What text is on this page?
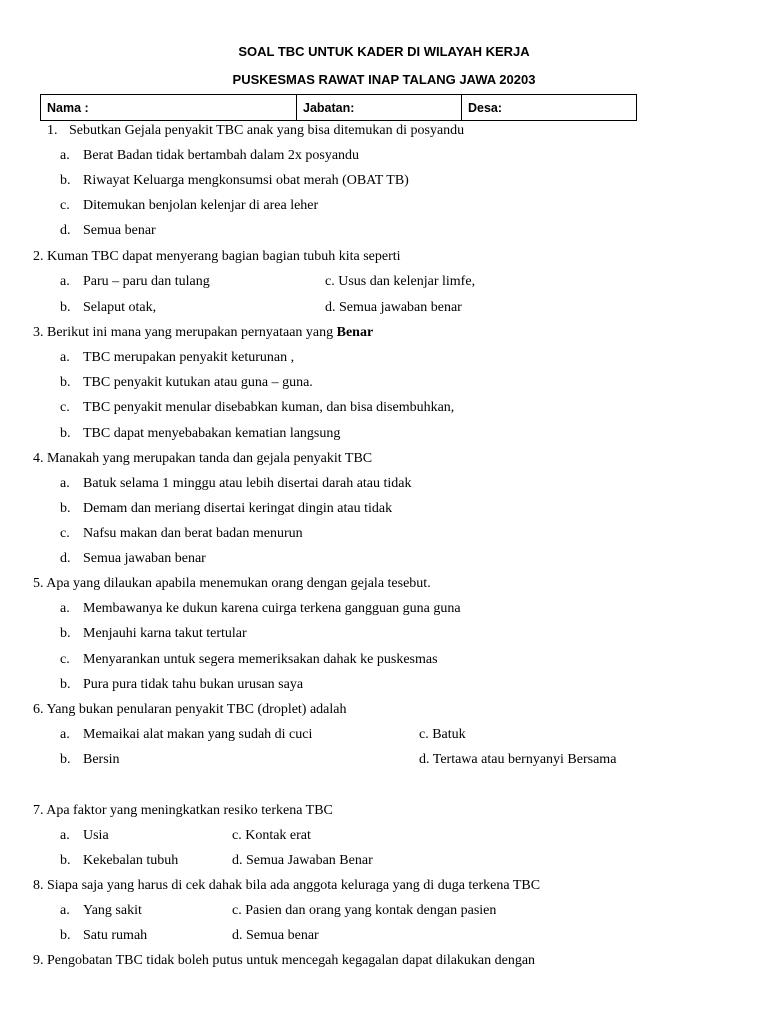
SOAL TBC UNTUK KADER DI WILAYAH KERJA
PUSKESMAS RAWAT INAP TALANG JAWA 20203
Nama :	Jabatan:	Desa:
1. Sebutkan Gejala penyakit TBC anak yang bisa ditemukan di posyandu
a. Berat Badan tidak bertambah dalam 2x posyandu
b. Riwayat Keluarga mengkonsumsi obat merah (OBAT TB)
c. Ditemukan benjolan kelenjar di area leher
d. Semua benar
2. Kuman TBC dapat menyerang bagian bagian tubuh kita seperti
a. Paru – paru dan tulang	c. Usus dan kelenjar limfe,
b. Selaput otak,	d. Semua jawaban benar
3. Berikut ini mana yang merupakan pernyataan yang Benar
a. TBC merupakan penyakit keturunan ,
b. TBC penyakit kutukan atau guna – guna.
c. TBC penyakit menular disebabkan kuman, dan bisa disembuhkan,
b. TBC dapat menyebabakan kematian langsung
4. Manakah yang merupakan tanda dan gejala penyakit TBC
a. Batuk selama 1 minggu atau lebih disertai darah atau tidak
b. Demam dan meriang disertai keringat dingin atau tidak
c. Nafsu makan dan berat badan menurun
d. Semua jawaban benar
5. Apa yang dilaukan apabila menemukan orang dengan gejala tesebut.
a. Membawanya ke dukun karena cuirga terkena gangguan guna guna
b. Menjauhi karna takut tertular
c. Menyarankan untuk segera memeriksakan dahak ke puskesmas
b. Pura pura tidak tahu bukan urusan saya
6. Yang bukan penularan penyakit TBC (droplet) adalah
a. Memaikai alat makan yang sudah di cuci	c. Batuk
b. Bersin	d. Tertawa atau bernyanyi Bersama
7. Apa faktor yang meningkatkan resiko terkena TBC
a. Usia	c. Kontak erat
b. Kekebalan tubuh	d. Semua Jawaban Benar
8. Siapa saja yang harus di cek dahak bila ada anggota keluraga yang di duga terkena TBC
a. Yang sakit	c. Pasien dan orang yang kontak dengan pasien
b. Satu rumah	d. Semua benar
9. Pengobatan TBC tidak boleh putus untuk mencegah kegagalan dapat dilakukan dengan
